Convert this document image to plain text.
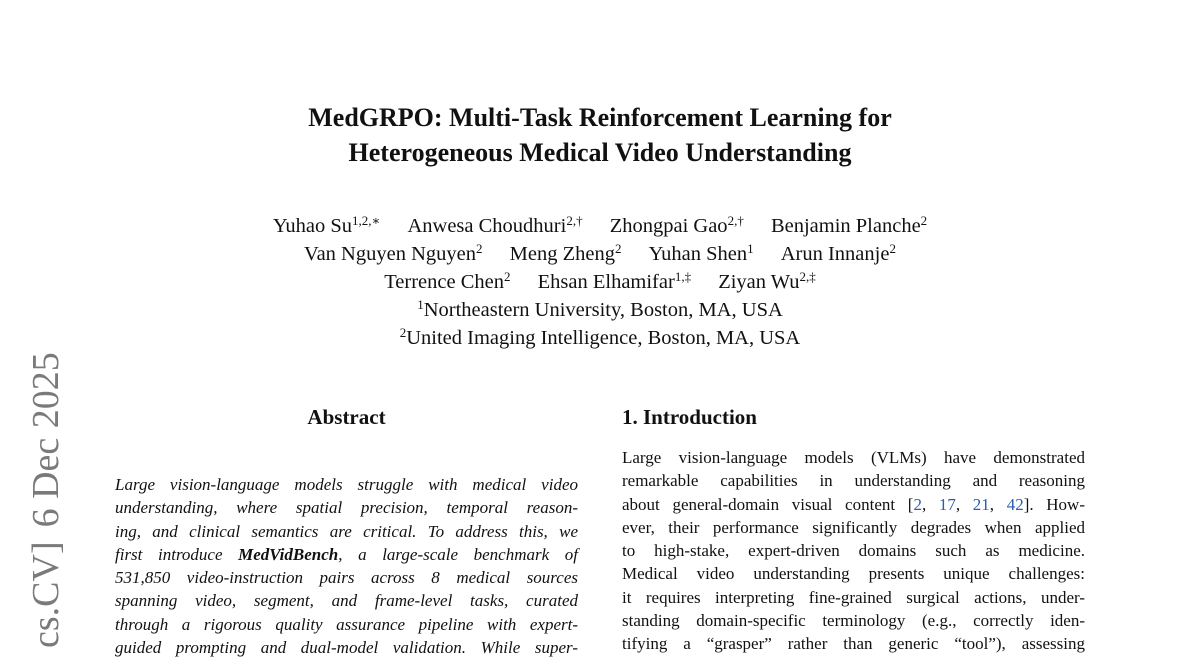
cs.CV]6 Dec 2025
MedGRPO: Multi-Task Reinforcement Learning for
Heterogeneous Medical Video Understanding
Yuhao $Su^{1,2,∗}$ Anwesa Choudhuri$^{2,\dagger}$ Zhongpai Gao$^{2,\dagger}$ Benjamin Planche$^2$
Van Nguyen Nguyen$^2$ Meng Zheng$^2$ Yuhan Shen$^1$ Arun Innanje$^2$
Terrence Chen$^2$ Ehsan Elhamifar$^{1,\ddagger}$ Ziyan $Wu^{2,\ddagger}$
$^1$Northeastern University, Boston, MA, USA
$^2$United Imaging Intelligence, Boston, MA, USA
Abstract	1. Introduction
Large vision-language models struggle with medical video
understanding, where spatial precision, temporal reason-
ing, and clinical semantics are critical. To address this, we
first introduce MedVidBench, a large-scale benchmark of
531,850 video-instruction pairs across 8 medical sources
spanning video, segment, and frame-level tasks, curated
through a rigorous quality assurance pipeline with expert-
guided prompting and dual-model validation. While super-
Large vision-language models (VLMs) have demonstrated
remarkable capabilities in understanding and reasoning
about general-domain visual content [2, 17, 21, 42]. How-
ever, their performance significantly degrades when applied
to high-stake, expert-driven domains such as medicine.
Medical video understanding presents unique challenges:
it requires interpreting fine-grained surgical actions, under-
standing domain-specific terminology (e.g., correctly iden-
tifying a “grasper” rather than generic “tool”), assessing
